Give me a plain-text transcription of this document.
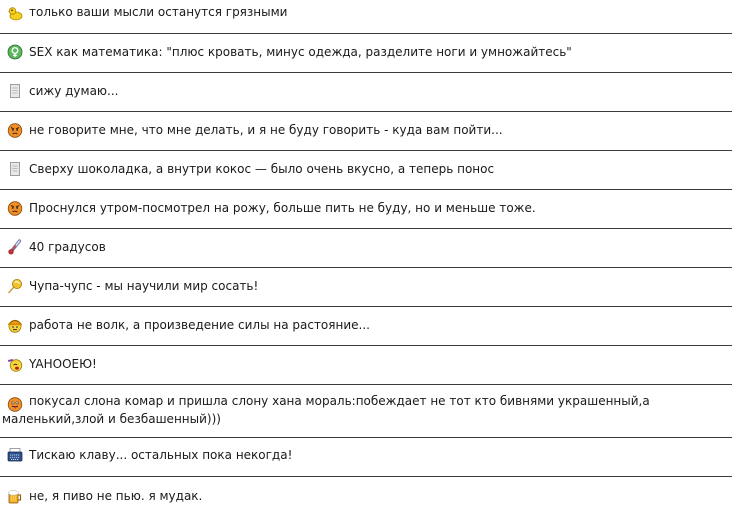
только ваши мысли останутся грязными
SEX как математика: "плюс кровать, минус одежда, разделите ноги и умножайтесь"
сижу думаю...
не говорите мне, что мне делать, и я не буду говорить - куда вам пойти...
Сверху шоколадка, а внутри кокос — было очень вкусно, а теперь понос
Проснулся утром-посмотрел на рожу, больше пить не буду, но и меньше тоже.
40 градусов
Чупа-чупс - мы научили мир сосать!
работа не волк, а произведение силы на растояние...
YAHOOEЮ!
покусал слона комар и пришла слону хана мораль:побеждает не тот кто бивнями украшенный,а маленький,злой и безбашенный)))
Тискаю клаву... остальных пока некогда!
не, я пиво не пью. я мудак.
